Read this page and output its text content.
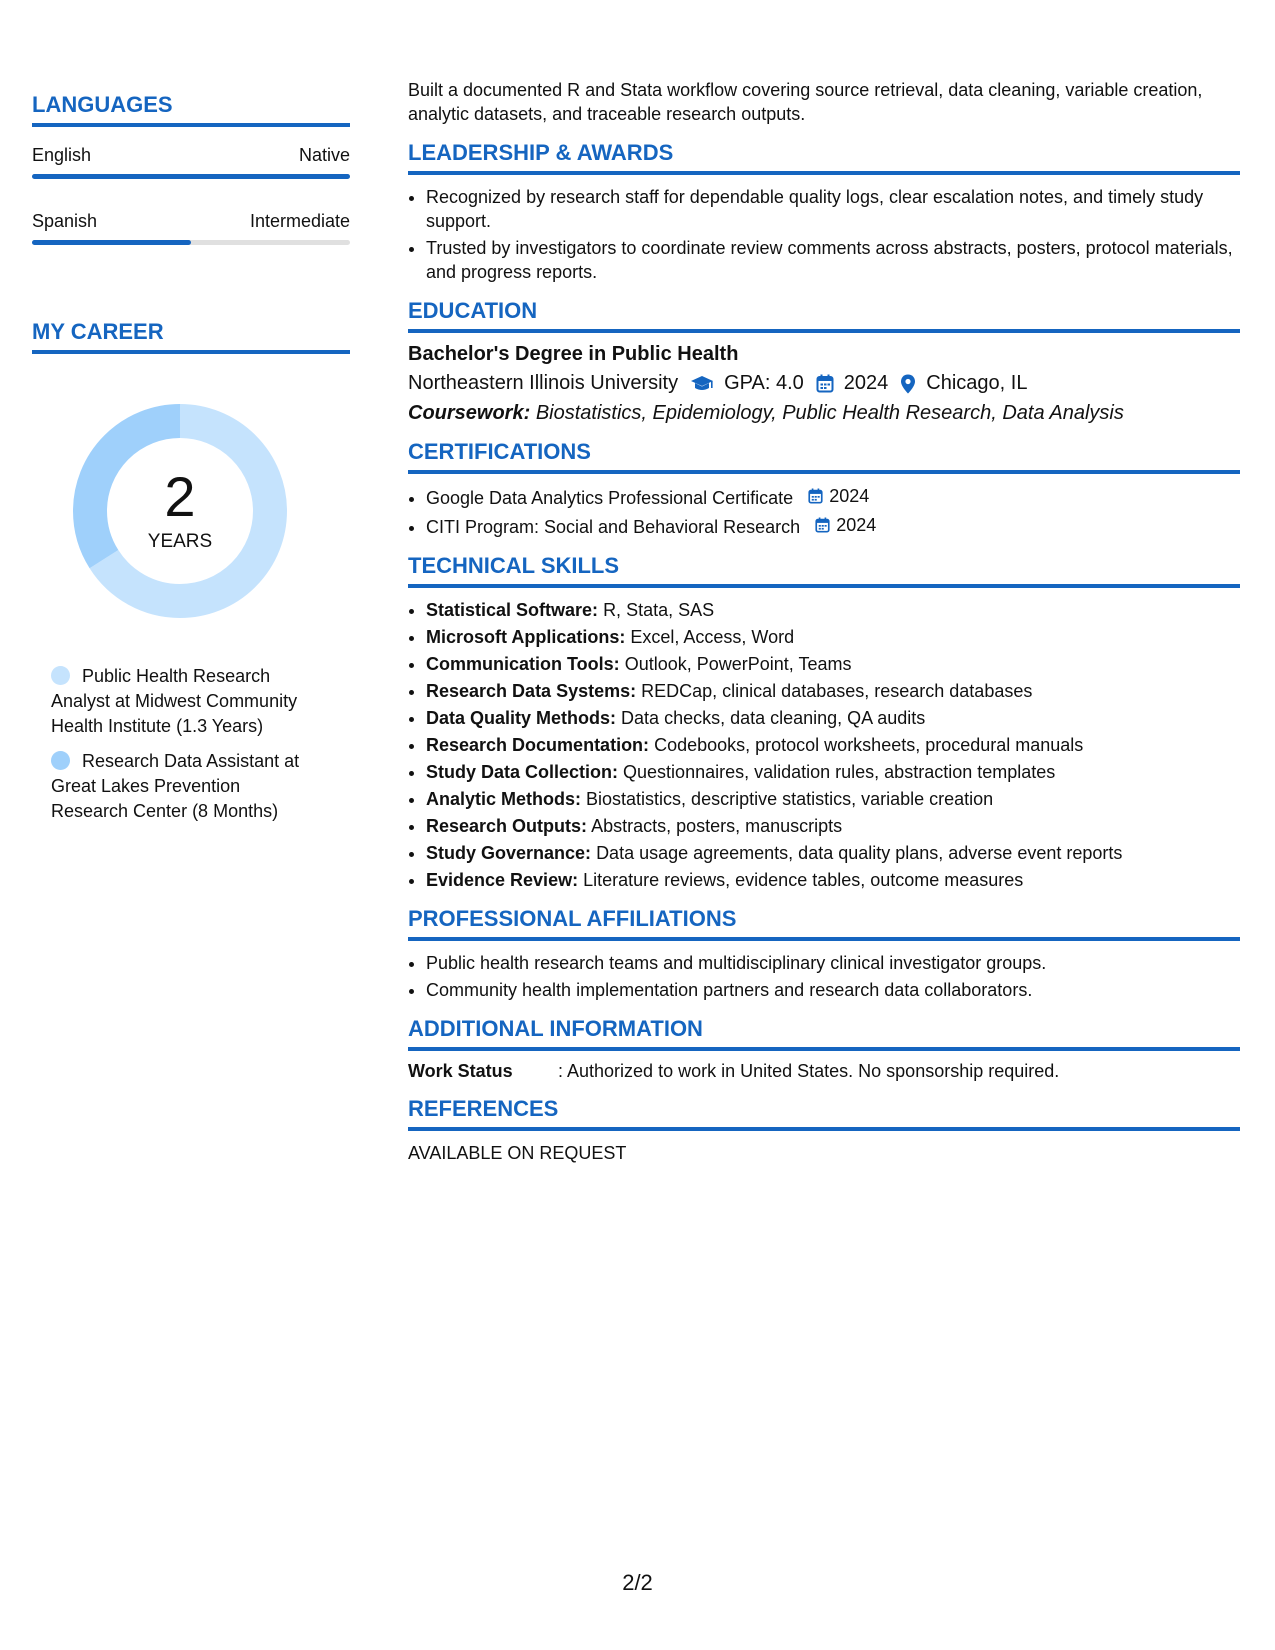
LANGUAGES
English	Native
Spanish	Intermediate
MY CAREER
2
YEARS
Public Health Research Analyst at Midwest Community Health Institute (1.3 Years)
Research Data Assistant at Great Lakes Prevention Research Center (8 Months)

Built a documented R and Stata workflow covering source retrieval, data cleaning, variable creation, analytic datasets, and traceable research outputs.

LEADERSHIP & AWARDS
• Recognized by research staff for dependable quality logs, clear escalation notes, and timely study support.
• Trusted by investigators to coordinate review comments across abstracts, posters, protocol materials, and progress reports.
EDUCATION
Bachelor's Degree in Public Health
Northeastern Illinois University GPA: 4.0 2024 Chicago, IL
Coursework: Biostatistics, Epidemiology, Public Health Research, Data Analysis
CERTIFICATIONS
• Google Data Analytics Professional Certificate 2024
• CITI Program: Social and Behavioral Research 2024
TECHNICAL SKILLS
• Statistical Software: R, Stata, SAS
• Microsoft Applications: Excel, Access, Word
• Communication Tools: Outlook, PowerPoint, Teams
• Research Data Systems: REDCap, clinical databases, research databases
• Data Quality Methods: Data checks, data cleaning, QA audits
• Research Documentation: Codebooks, protocol worksheets, procedural manuals
• Study Data Collection: Questionnaires, validation rules, abstraction templates
• Analytic Methods: Biostatistics, descriptive statistics, variable creation
• Research Outputs: Abstracts, posters, manuscripts
• Study Governance: Data usage agreements, data quality plans, adverse event reports
• Evidence Review: Literature reviews, evidence tables, outcome measures
PROFESSIONAL AFFILIATIONS
• Public health research teams and multidisciplinary clinical investigator groups.
• Community health implementation partners and research data collaborators.
ADDITIONAL INFORMATION
Work Status	: Authorized to work in United States. No sponsorship required.
REFERENCES

AVAILABLE ON REQUEST

2/2
